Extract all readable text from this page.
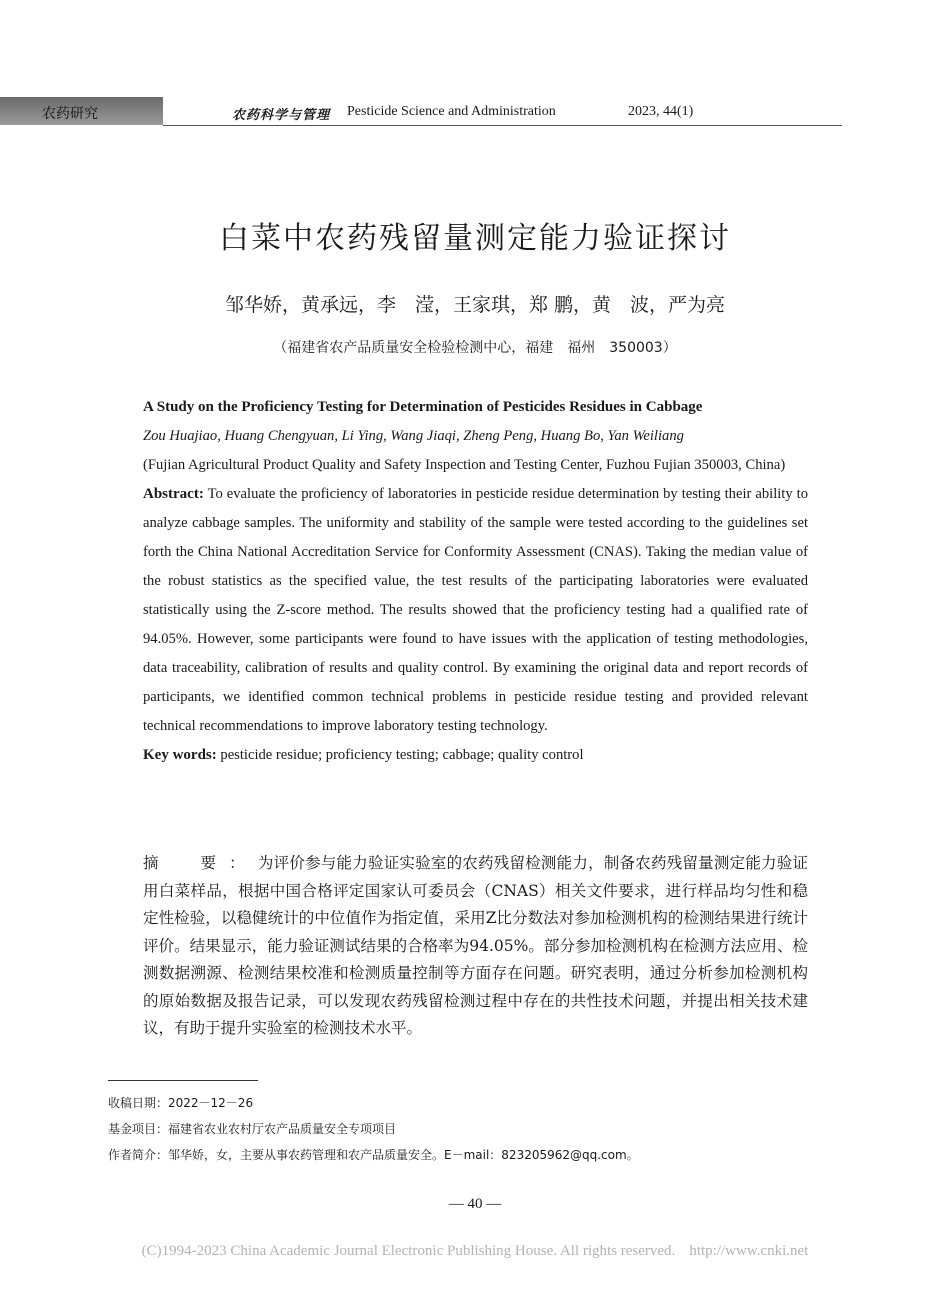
农药研究	农药科学与管理 Pesticide Science and Administration	2023, 44(1)
白菜中农药残留量测定能力验证探讨
邹华娇，黄承远，李　滢，王家琪，郑 鹏，黄　波，严为亮
（福建省农产品质量安全检验检测中心，福建　福州　350003）
A Study on the Proficiency Testing for Determination of Pesticides Residues in Cabbage
Zou Huajiao, Huang Chengyuan, Li Ying, Wang Jiaqi, Zheng Peng, Huang Bo, Yan Weiliang
(Fujian Agricultural Product Quality and Safety Inspection and Testing Center, Fuzhou Fujian 350003, China)
Abstract: To evaluate the proficiency of laboratories in pesticide residue determination by testing their ability to analyze cabbage samples. The uniformity and stability of the sample were tested according to the guidelines set forth the China National Accreditation Service for Conformity Assessment (CNAS). Taking the median value of the robust statistics as the specified value, the test results of the participating laboratories were evaluated statistically using the Z-score method. The results showed that the proficiency testing had a qualified rate of 94.05%. However, some participants were found to have issues with the application of testing methodologies, data traceability, calibration of results and quality control. By examining the original data and report records of participants, we identified common technical problems in pesticide residue testing and provided relevant technical recommendations to improve laboratory testing technology.
Key words: pesticide residue; proficiency testing; cabbage; quality control
摘　要：为评价参与能力验证实验室的农药残留检测能力，制备农药残留量测定能力验证用白菜样品，根据中国合格评定国家认可委员会（CNAS）相关文件要求，进行样品均匀性和稳定性检验，以稳健统计的中位值作为指定值，采用Z比分数法对参加检测机构的检测结果进行统计评价。结果显示，能力验证测试结果的合格率为94.05%。部分参加检测机构在检测方法应用、检测数据溯源、检测结果校准和检测质量控制等方面存在问题。研究表明，通过分析参加检测机构的原始数据及报告记录，可以发现农药残留检测过程中存在的共性技术问题，并提出相关技术建议，有助于提升实验室的检测技术水平。

收稿日期：2022－12－26

基金项目：福建省农业农村厅农产品质量安全专项项目

作者简介：邹华娇，女，主要从事农药管理和农产品质量安全。E－mail：823205962@qq.com。

— 40 —
(C)1994-2023 China Academic Journal Electronic Publishing House. All rights reserved. http://www.cnki.net
